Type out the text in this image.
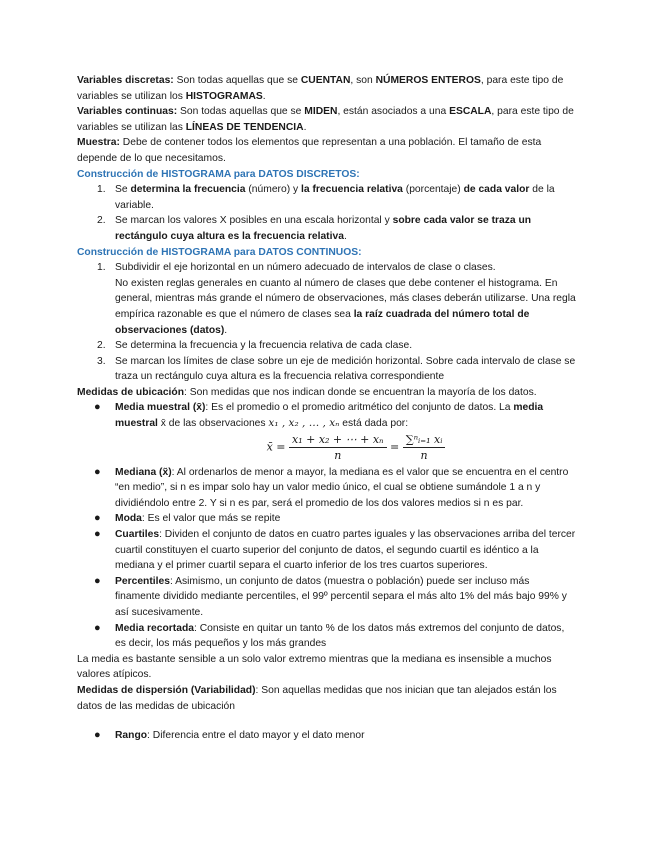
Variables discretas: Son todas aquellas que se CUENTAN, son NÚMEROS ENTEROS, para este tipo de variables se utilizan los HISTOGRAMAS.

Variables continuas: Son todas aquellas que se MIDEN, están asociados a una ESCALA, para este tipo de variables se utilizan las LÍNEAS DE TENDENCIA.

Muestra: Debe de contener todos los elementos que representan a una población. El tamaño de esta depende de lo que necesitamos.

Construcción de HISTOGRAMA para DATOS DISCRETOS:

1. Se determina la frecuencia (número) y la frecuencia relativa (porcentaje) de cada valor de la variable.
2. Se marcan los valores X posibles en una escala horizontal y sobre cada valor se traza un rectángulo cuya altura es la frecuencia relativa.

Construcción de HISTOGRAMA para DATOS CONTINUOS:

1. Subdividir el eje horizontal en un número adecuado de intervalos de clase o clases.
No existen reglas generales en cuanto al número de clases que debe contener el histograma. En general, mientras más grande el número de observaciones, más clases deberán utilizarse. Una regla empírica razonable es que el número de clases sea la raíz cuadrada del número total de observaciones (datos).
2. Se determina la frecuencia y la frecuencia relativa de cada clase.
3. Se marcan los límites de clase sobre un eje de medición horizontal. Sobre cada intervalo de clase se traza un rectángulo cuya altura es la frecuencia relativa correspondiente

Medidas de ubicación: Son medidas que nos indican donde se encuentran la mayoría de los datos.

● Media muestral (x̄): Es el promedio o el promedio aritmético del conjunto de datos. La media muestral x̄ de las observaciones x₁ , x₂ , … , xₙ está dada por:
x̄ = $\frac{\text{x₁ + x₂ + ⋯ + xₙ}}{n} = \frac{\text{∑ⁿᵢ₌₁ xᵢ}}{n}$
● Mediana (x̃): Al ordenarlos de menor a mayor, la mediana es el valor que se encuentra en el centro “en medio”, si n es impar solo hay un valor medio único, el cual se obtiene sumándole 1 a n y dividiéndolo entre 2. Y si n es par, será el promedio de los dos valores medios si n es par.
● Moda: Es el valor que más se repite
● Cuartiles: Dividen el conjunto de datos en cuatro partes iguales y las observaciones arriba del tercer cuartil constituyen el cuarto superior del conjunto de datos, el segundo cuartil es idéntico a la mediana y el primer cuartil separa el cuarto inferior de los tres cuartos superiores.
● Percentiles: Asimismo, un conjunto de datos (muestra o población) puede ser incluso más finamente dividido mediante percentiles, el 99º percentil separa el más alto 1% del más bajo 99% y así sucesivamente.
● Media recortada: Consiste en quitar un tanto % de los datos más extremos del conjunto de datos, es decir, los más pequeños y los más grandes

La media es bastante sensible a un solo valor extremo mientras que la mediana es insensible a muchos valores atípicos.

Medidas de dispersión (Variabilidad): Son aquellas medidas que nos inician que tan alejados están los datos de las medidas de ubicación

● Rango: Diferencia entre el dato mayor y el dato menor
